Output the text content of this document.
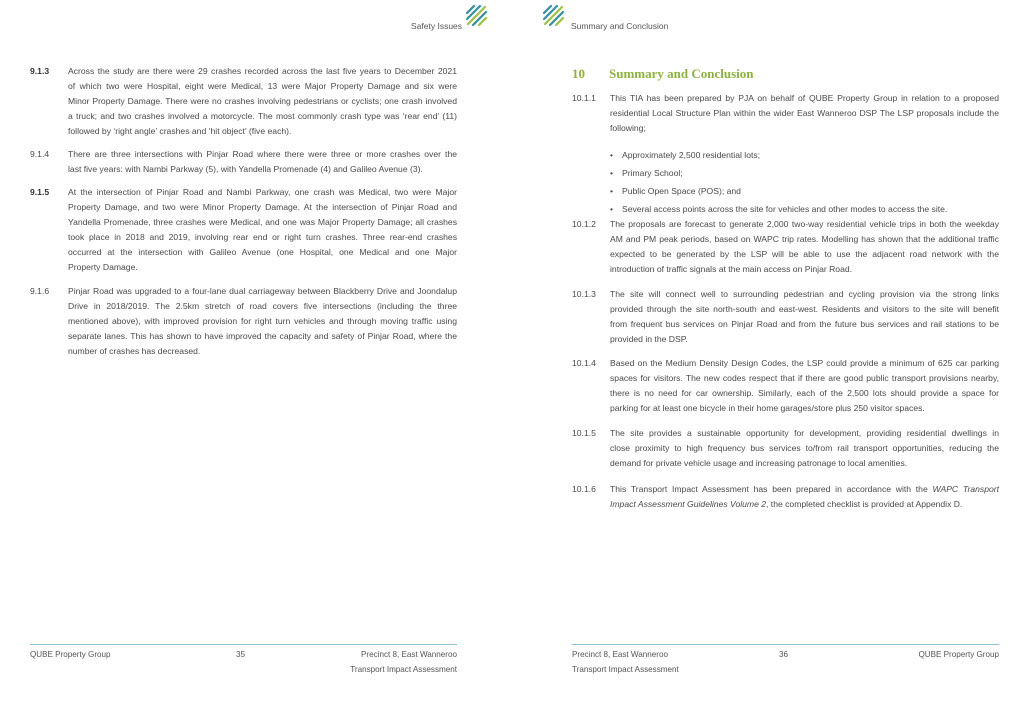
Safety Issues
9.1.3	Across the study are there were 29 crashes recorded across the last five years to December 2021
of which two were Hospital, eight were Medical, 13 were Major Property Damage and six were
Minor Property Damage. There were no crashes involving pedestrians or cyclists; one crash involved
a truck; and two crashes involved a motorcycle. The most commonly crash type was ‘rear end’ (11)
followed by ‘right angle’ crashes and ‘hit object’ (five each).
9.1.4	There are three intersections with Pinjar Road where there were three or more crashes over the
last five years: with Nambi Parkway (5), with Yandella Promenade (4) and Galileo Avenue (3).
9.1.5	At the intersection of Pinjar Road and Nambi Parkway, one crash was Medical, two were Major
Property Damage, and two were Minor Property Damage. At the intersection of Pinjar Road and
Yandella Promenade, three crashes were Medical, and one was Major Property Damage; all crashes
took place in 2018 and 2019, involving rear end or right turn crashes. Three rear-end crashes
occurred at the intersection with Galileo Avenue (one Hospital, one Medical and one Major
Property Damage.
9.1.6	Pinjar Road was upgraded to a four-lane dual carriageway between Blackberry Drive and Joondalup
Drive in 2018/2019. The 2.5km stretch of road covers five intersections (including the three
mentioned above), with improved provision for right turn vehicles and through moving traffic using
separate lanes. This has shown to have improved the capacity and safety of Pinjar Road, where the
number of crashes has decreased.
QUBE Property Group	35	Precinct 8, East Wanneroo
Transport Impact Assessment
Summary and Conclusion
10 Summary and Conclusion
10.1.1	This TIA has been prepared by PJA on behalf of QUBE Property Group in relation to a proposed
residential Local Structure Plan within the wider East Wanneroo DSP The LSP proposals include the
following;
• Approximately 2,500 residential lots;
• Primary School;
• Public Open Space (POS); and
• Several access points across the site for vehicles and other modes to access the site.
10.1.2	The proposals are forecast to generate 2,000 two-way residential vehicle trips in both the weekday
AM and PM peak periods, based on WAPC trip rates. Modelling has shown that the additional traffic
expected to be generated by the LSP will be able to use the adjacent road network with the
introduction of traffic signals at the main access on Pinjar Road.
10.1.3	The site will connect well to surrounding pedestrian and cycling provision via the strong links
provided through the site north-south and east-west. Residents and visitors to the site will benefit
from frequent bus services on Pinjar Road and from the future bus services and rail stations to be
provided in the DSP.
10.1.4	Based on the Medium Density Design Codes, the LSP could provide a minimum of 625 car parking
spaces for visitors. The new codes respect that if there are good public transport provisions nearby,
there is no need for car ownership. Similarly, each of the 2,500 lots should provide a space for
parking for at least one bicycle in their home garages/store plus 250 visitor spaces.
10.1.5	The site provides a sustainable opportunity for development, providing residential dwellings in
close proximity to high frequency bus services to/from rail transport opportunities, reducing the
demand for private vehicle usage and increasing patronage to local amenities.
10.1.6	This Transport Impact Assessment has been prepared in accordance with the WAPC Transport
Impact Assessment Guidelines Volume 2, the completed checklist is provided at Appendix D.
Precinct 8, East Wanneroo
Transport Impact Assessment
36	QUBE Property Group
